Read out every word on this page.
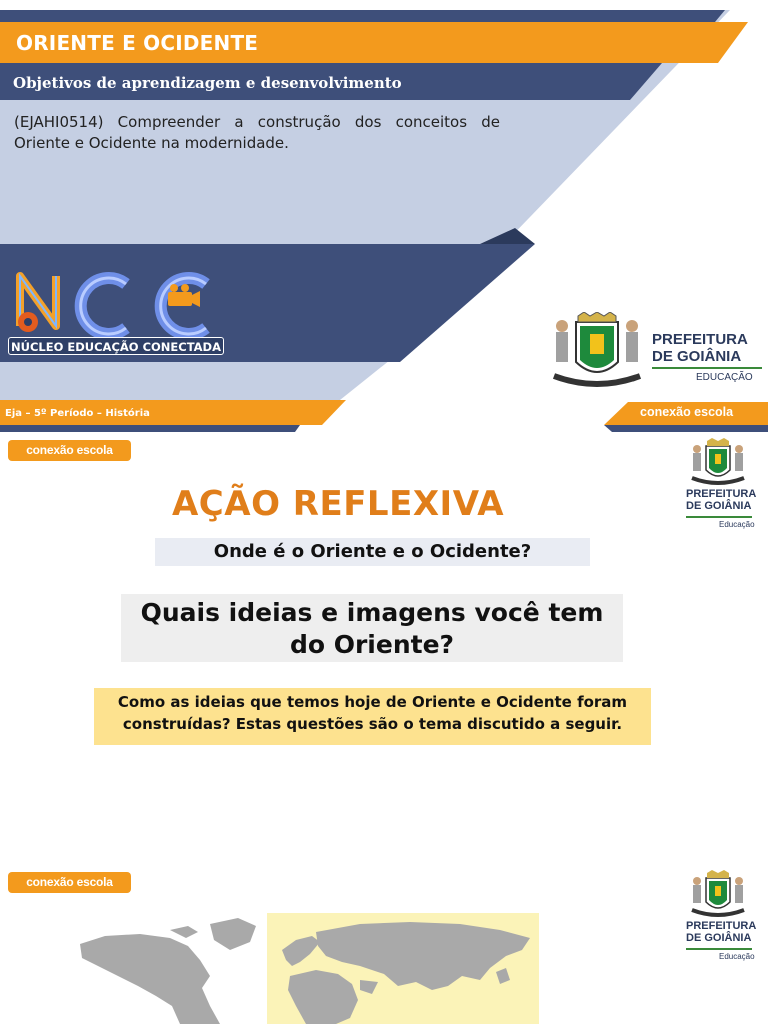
ORIENTE E OCIDENTE
Objetivos de aprendizagem e desenvolvimento
(EJAHI0514) Compreender a construção dos conceitos de Oriente e Ocidente na modernidade.
NÚCLEO EDUCAÇÃO CONECTADA	PREFEITURA
DE GOIÂNIA
EDUCAÇÃO
Eja – 5º Período – História	conexão escola
conexão escola
PREFEITURA
DE GOIÂNIA
Educação
AÇÃO REFLEXIVA
Onde é o Oriente e o Ocidente?
Quais ideias e imagens você tem
do Oriente?
Como as ideias que temos hoje de Oriente e Ocidente foram
construídas? Estas questões são o tema discutido a seguir.
conexão escola
PREFEITURA
DE GOIÂNIA
Educação
